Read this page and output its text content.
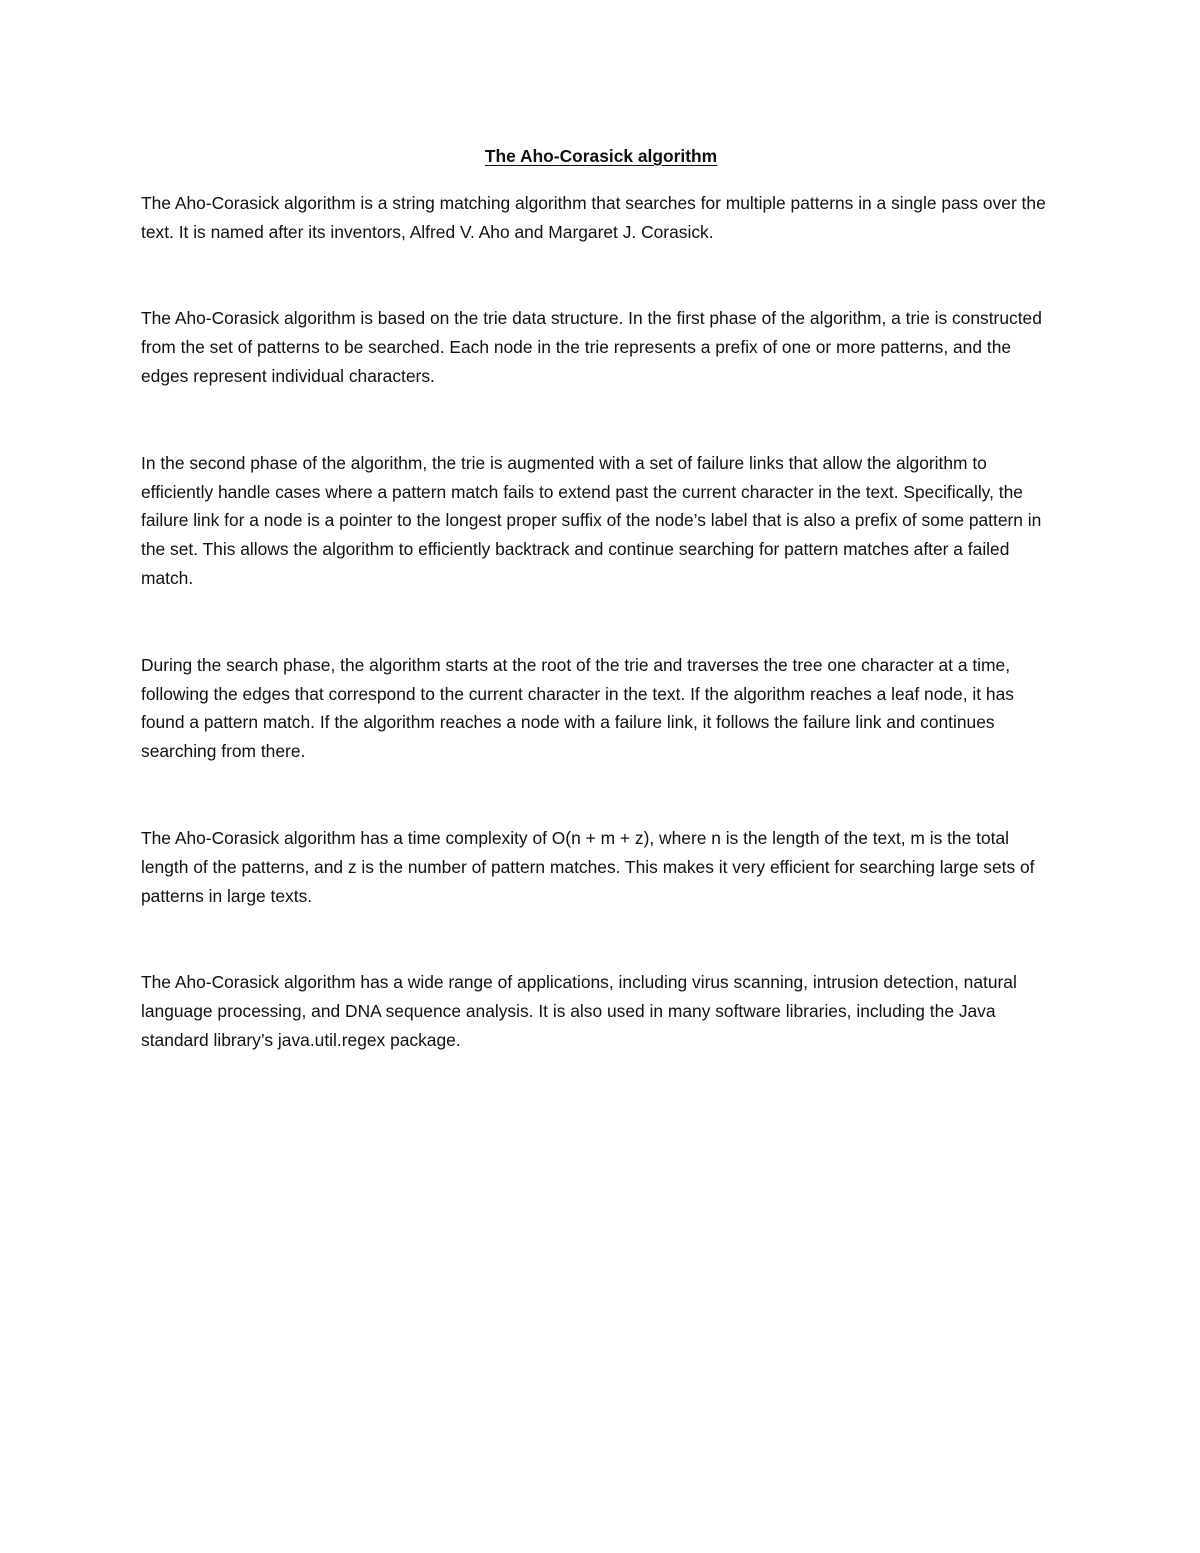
The Aho-Corasick algorithm

The Aho-Corasick algorithm is a string matching algorithm that searches for multiple patterns in a single pass over the text. It is named after its inventors, Alfred V. Aho and Margaret J. Corasick.

The Aho-Corasick algorithm is based on the trie data structure. In the first phase of the algorithm, a trie is constructed from the set of patterns to be searched. Each node in the trie represents a prefix of one or more patterns, and the edges represent individual characters.

In the second phase of the algorithm, the trie is augmented with a set of failure links that allow the algorithm to efficiently handle cases where a pattern match fails to extend past the current character in the text. Specifically, the failure link for a node is a pointer to the longest proper suffix of the node’s label that is also a prefix of some pattern in the set. This allows the algorithm to efficiently backtrack and continue searching for pattern matches after a failed match.

During the search phase, the algorithm starts at the root of the trie and traverses the tree one character at a time, following the edges that correspond to the current character in the text. If the algorithm reaches a leaf node, it has found a pattern match. If the algorithm reaches a node with a failure link, it follows the failure link and continues searching from there.

The Aho-Corasick algorithm has a time complexity of O(n + m + z), where n is the length of the text, m is the total length of the patterns, and z is the number of pattern matches. This makes it very efficient for searching large sets of patterns in large texts.

The Aho-Corasick algorithm has a wide range of applications, including virus scanning, intrusion detection, natural language processing, and DNA sequence analysis. It is also used in many software libraries, including the Java standard library’s java.util.regex package.
